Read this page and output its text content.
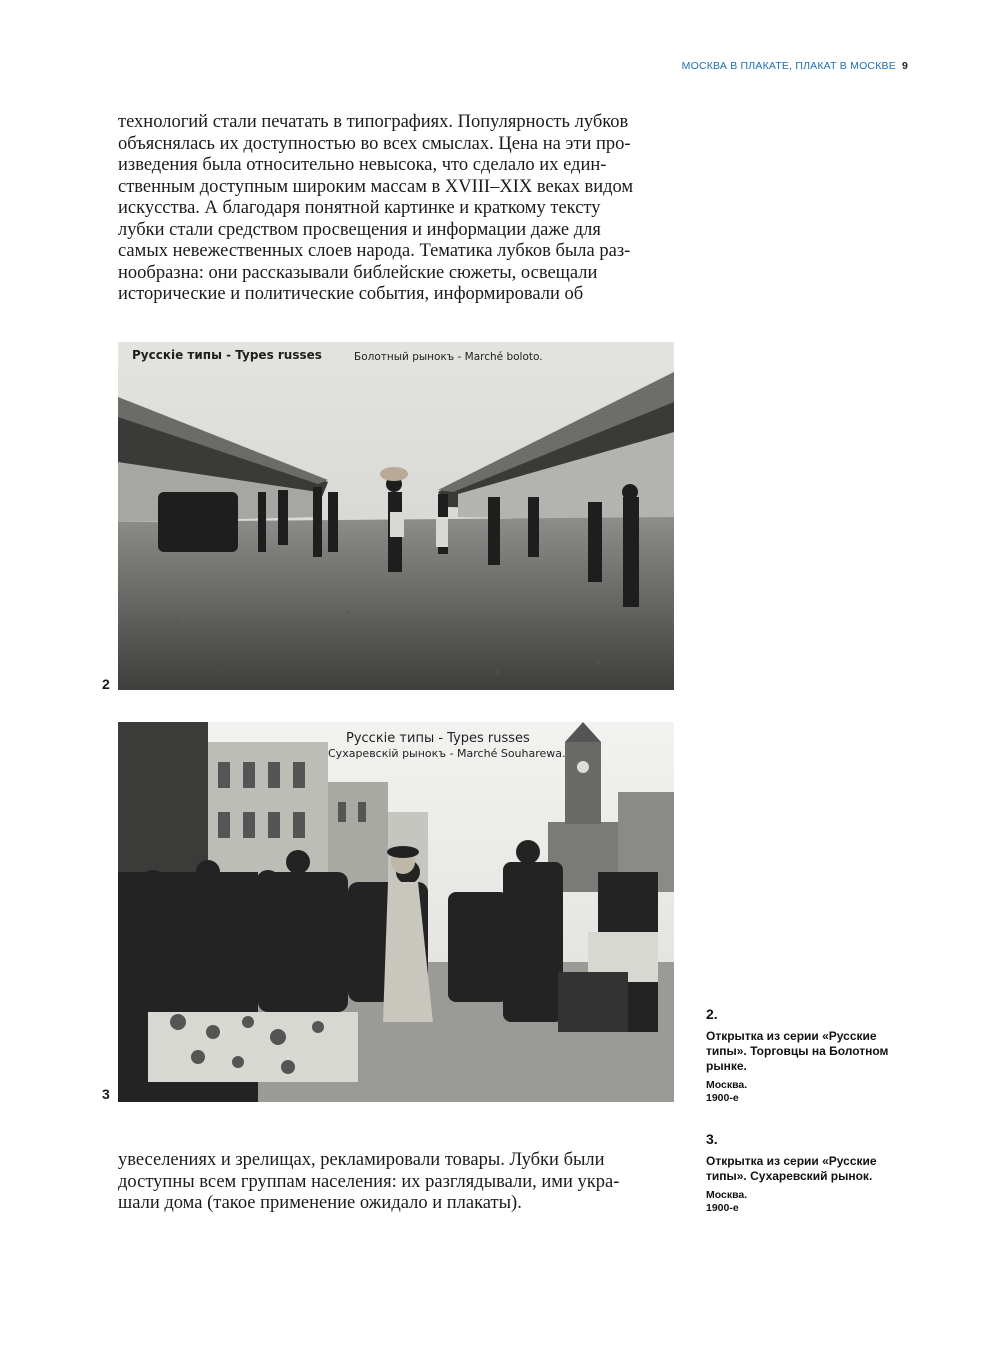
МОСКВА В ПЛАКАТЕ, ПЛАКАТ В МОСКВЕ 9

технологий стали печатать в типографиях. Популярность лубков
объяснялась их доступностью во всех смыслах. Цена на эти про-
изведения была относительно невысока, что сделало их един-
ственным доступным широким массам в XVIII–XIX веках видом
искусства. А благодаря понятной картинке и краткому тексту
лубки стали средством просвещения и информации даже для
самых невежественных слоев народа. Тематика лубков была раз-
нообразна: они рассказывали библейские сюжеты, освещали
исторические и политические события, информировали об

Русскiе типы - Types russes	Болотный рынокъ - Marché boloto.
2
Русскiе типы - Types russes
Сухаревскiй рынокъ - Marché Souharewa.
3

увеселениях и зрелищах, рекламировали товары. Лубки были
доступны всем группам населения: их разглядывали, ими укра-
шали дома (такое применение ожидало и плакаты).

2.
Открытка из серии «Русские типы». Торговцы на Болотном рынке.
Москва.
1900-е
3.
Открытка из серии «Русские типы». Сухаревский рынок.
Москва.
1900-е
